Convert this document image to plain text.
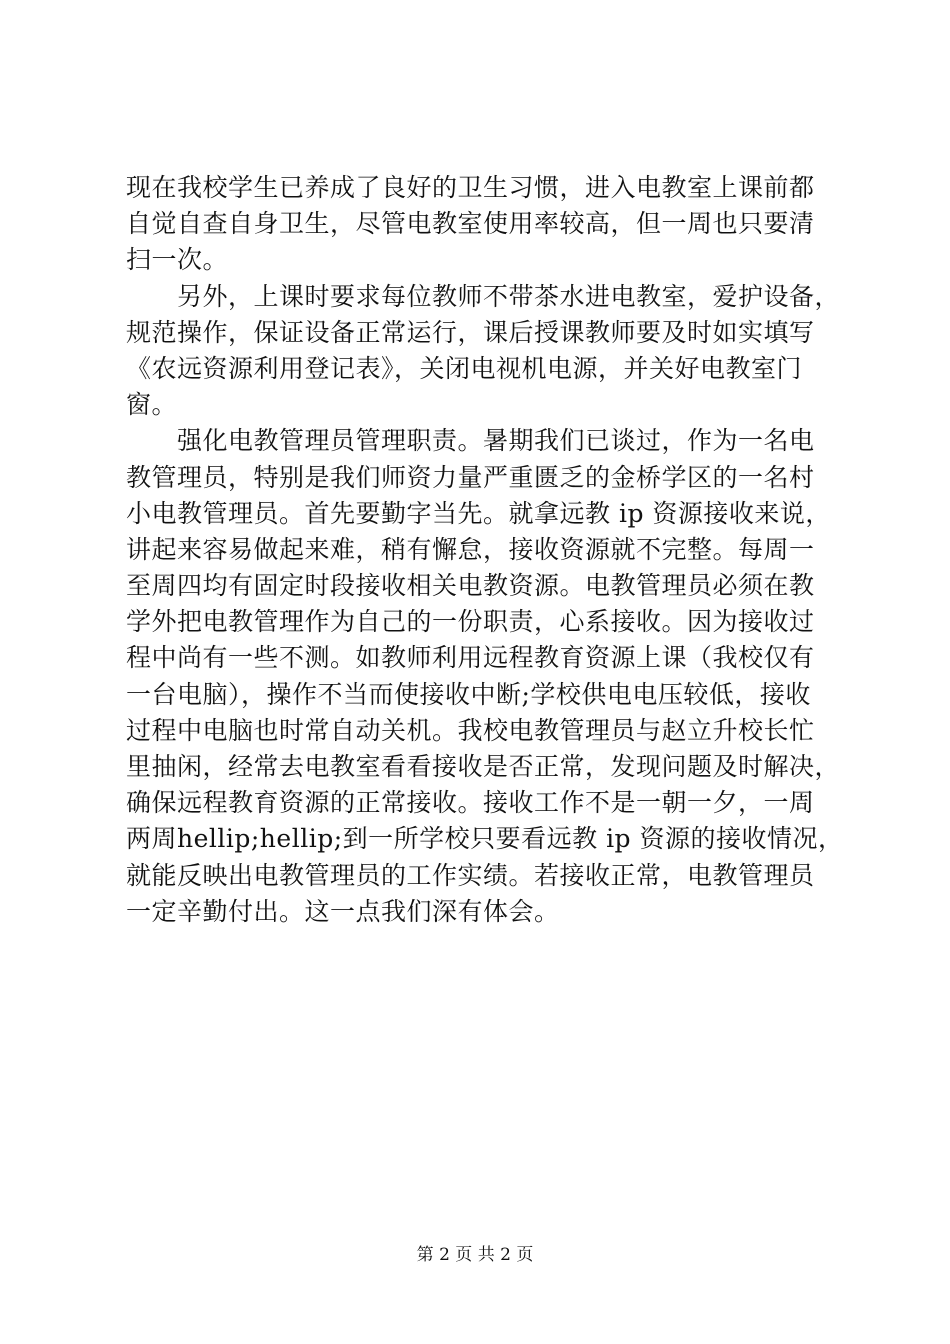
现在我校学生已养成了良好的卫生习惯，进入电教室上课前都
自觉自查自身卫生，尽管电教室使用率较高，但一周也只要清
扫一次。
　　另外，上课时要求每位教师不带茶水进电教室，爱护设备，
规范操作，保证设备正常运行，课后授课教师要及时如实填写
《农远资源利用登记表》，关闭电视机电源，并关好电教室门
窗。
　　强化电教管理员管理职责。暑期我们已谈过，作为一名电
教管理员，特别是我们师资力量严重匮乏的金桥学区的一名村
小电教管理员。首先要勤字当先。就拿远教 ip 资源接收来说，
讲起来容易做起来难，稍有懈怠，接收资源就不完整。每周一
至周四均有固定时段接收相关电教资源。电教管理员必须在教
学外把电教管理作为自己的一份职责，心系接收。因为接收过
程中尚有一些不测。如教师利用远程教育资源上课（我校仅有
一台电脑），操作不当而使接收中断;学校供电电压较低，接收
过程中电脑也时常自动关机。我校电教管理员与赵立升校长忙
里抽闲，经常去电教室看看接收是否正常，发现问题及时解决，
确保远程教育资源的正常接收。接收工作不是一朝一夕，一周
两周hellip;hellip;到一所学校只要看远教 ip 资源的接收情况，
就能反映出电教管理员的工作实绩。若接收正常，电教管理员
一定辛勤付出。这一点我们深有体会。
第 2 页 共 2 页
